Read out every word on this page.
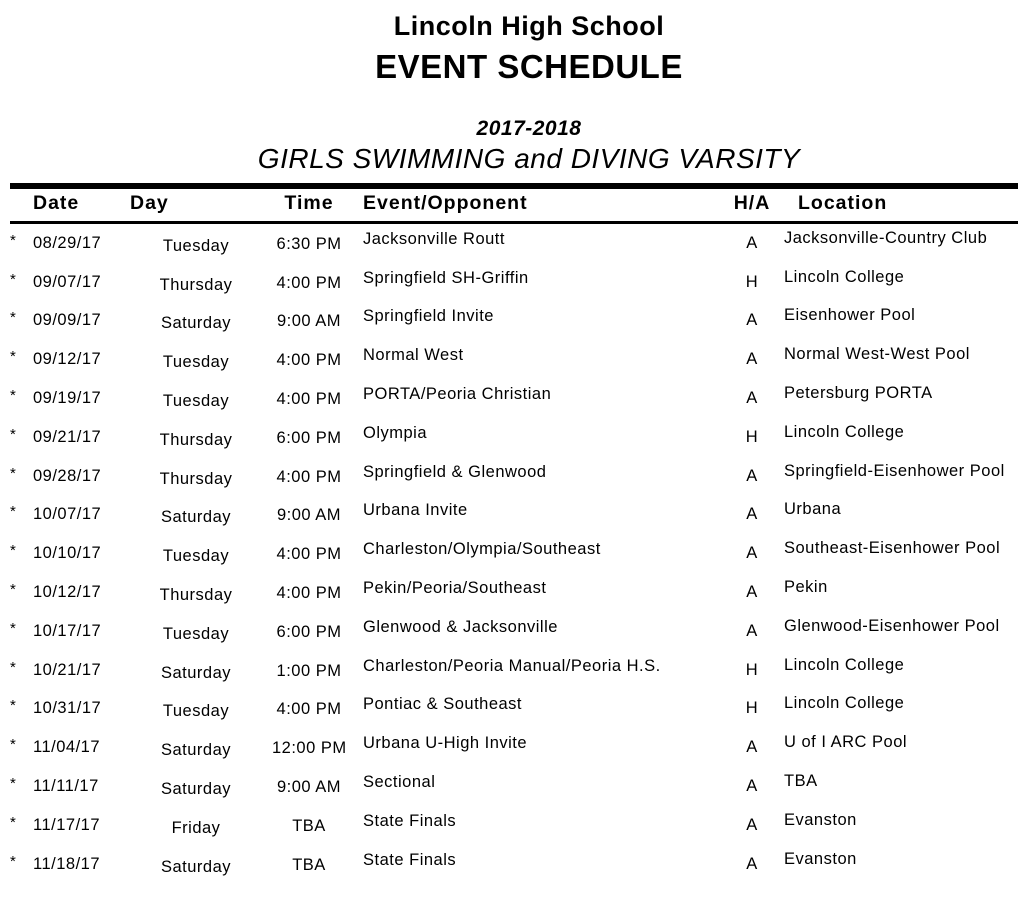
Lincoln High School
EVENT SCHEDULE
2017-2018
GIRLS SWIMMING and DIVING VARSITY
	Date	Day	Time	Event/Opponent	H/A	Location
*	08/29/17	Tuesday	6:30 PM	Jacksonville Routt	A	Jacksonville-Country Club
*	09/07/17	Thursday	4:00 PM	Springfield SH-Griffin	H	Lincoln College
*	09/09/17	Saturday	9:00 AM	Springfield Invite	A	Eisenhower Pool
*	09/12/17	Tuesday	4:00 PM	Normal West	A	Normal West-West Pool
*	09/19/17	Tuesday	4:00 PM	PORTA/Peoria Christian	A	Petersburg PORTA
*	09/21/17	Thursday	6:00 PM	Olympia	H	Lincoln College
*	09/28/17	Thursday	4:00 PM	Springfield & Glenwood	A	Springfield-Eisenhower Pool
*	10/07/17	Saturday	9:00 AM	Urbana Invite	A	Urbana
*	10/10/17	Tuesday	4:00 PM	Charleston/Olympia/Southeast	A	Southeast-Eisenhower Pool
*	10/12/17	Thursday	4:00 PM	Pekin/Peoria/Southeast	A	Pekin
*	10/17/17	Tuesday	6:00 PM	Glenwood & Jacksonville	A	Glenwood-Eisenhower Pool
*	10/21/17	Saturday	1:00 PM	Charleston/Peoria Manual/Peoria H.S.	H	Lincoln College
*	10/31/17	Tuesday	4:00 PM	Pontiac & Southeast	H	Lincoln College
*	11/04/17	Saturday	12:00 PM	Urbana U-High Invite	A	U of I ARC Pool
*	11/11/17	Saturday	9:00 AM	Sectional	A	TBA
*	11/17/17	Friday	TBA	State Finals	A	Evanston
*	11/18/17	Saturday	TBA	State Finals	A	Evanston
